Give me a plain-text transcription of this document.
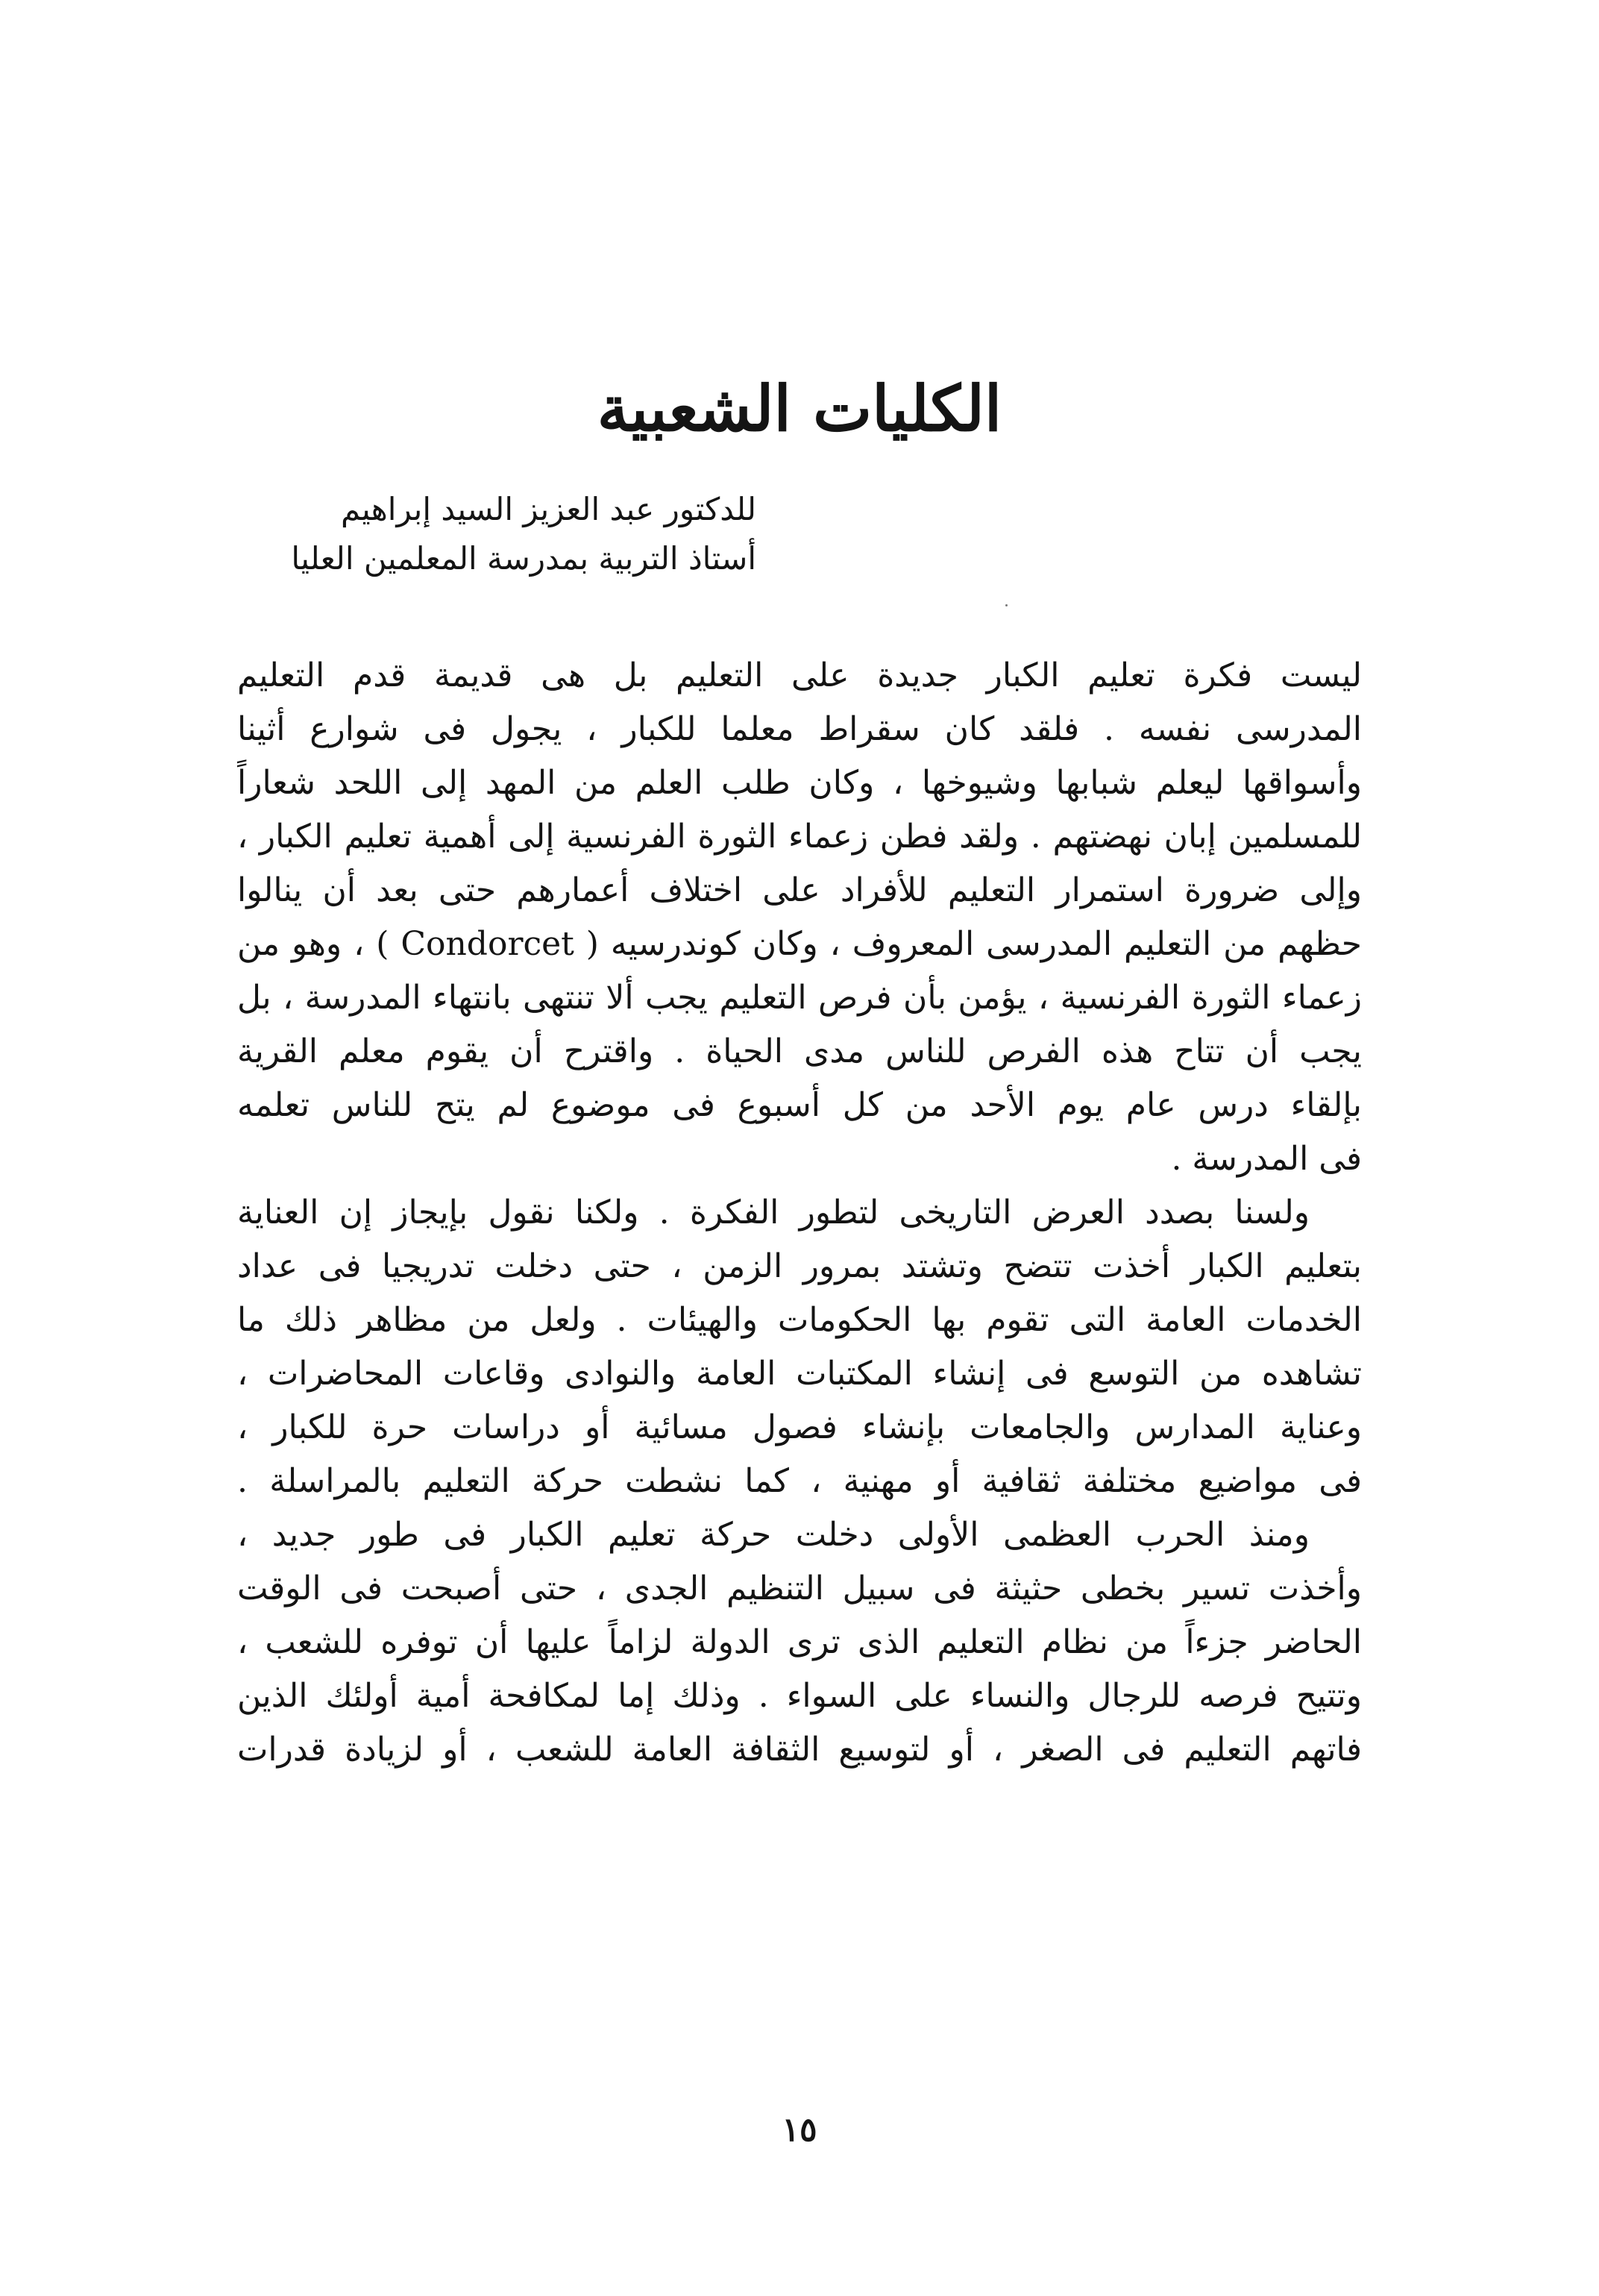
الكليات الشعبية
للدكتور عبد العزيز السيد إبراهيم
أستاذ التربية بمدرسة المعلمين العليا
ليست فكرة تعليم الكبار جديدة على التعليم بل هى قديمة قدم التعليم
المدرسى نفسه . فلقد كان سقراط معلما للكبار ، يجول فى شوارع أثينا
وأسواقها ليعلم شبابها وشيوخها ، وكان طلب العلم من المهد إلى اللحد شعاراً
للمسلمين إبان نهضتهم . ولقد فطن زعماء الثورة الفرنسية إلى أهمية تعليم الكبار ،
وإلى ضرورة استمرار التعليم للأفراد على اختلاف أعمارهم حتى بعد أن ينالوا
حظهم من التعليم المدرسى المعروف ، وكان كوندرسيه ( Condorcet ) ، وهو من
زعماء الثورة الفرنسية ، يؤمن بأن فرص التعليم يجب ألا تنتهى بانتهاء المدرسة ، بل
يجب أن تتاح هذه الفرص للناس مدى الحياة . واقترح أن يقوم معلم القرية
بإلقاء درس عام يوم الأحد من كل أسبوع فى موضوع لم يتح للناس تعلمه
فى المدرسة .
ولسنا بصدد العرض التاريخى لتطور الفكرة . ولكنا نقول بإيجاز إن العناية
بتعليم الكبار أخذت تتضح وتشتد بمرور الزمن ، حتى دخلت تدريجيا فى عداد
الخدمات العامة التى تقوم بها الحكومات والهيئات . ولعل من مظاهر ذلك ما
تشاهده من التوسع فى إنشاء المكتبات العامة والنوادى وقاعات المحاضرات ،
وعناية المدارس والجامعات بإنشاء فصول مسائية أو دراسات حرة للكبار ،
فى مواضيع مختلفة ثقافية أو مهنية ، كما نشطت حركة التعليم بالمراسلة .
ومنذ الحرب العظمى الأولى دخلت حركة تعليم الكبار فى طور جديد ،
وأخذت تسير بخطى حثيثة فى سبيل التنظيم الجدى ، حتى أصبحت فى الوقت
الحاضر جزءاً من نظام التعليم الذى ترى الدولة لزاماً عليها أن توفره للشعب ،
وتتيح فرصه للرجال والنساء على السواء . وذلك إما لمكافحة أمية أولئك الذين
فاتهم التعليم فى الصغر ، أو لتوسيع الثقافة العامة للشعب ، أو لزيادة قدرات
١٥
